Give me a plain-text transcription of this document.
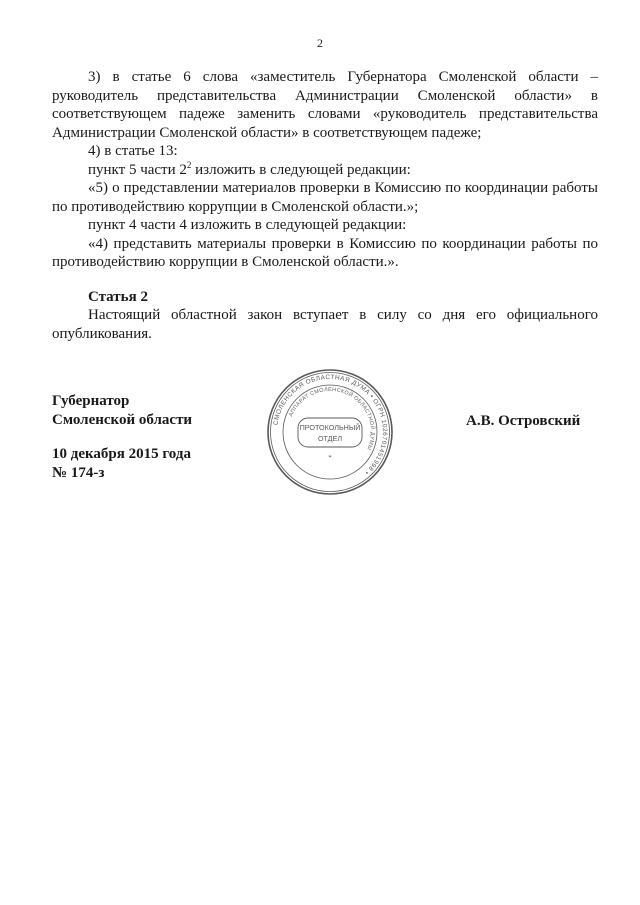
2

3) в статье 6 слова «заместитель Губернатора Смоленской области – руководитель представительства Администрации Смоленской области» в соответствующем падеже заменить словами «руководитель представительства Администрации Смоленской области» в соответствующем падеже;

4) в статье 13:

пункт 5 части $2^2$ изложить в следующей редакции:

«5) о представлении материалов проверки в Комиссию по координации работы по противодействию коррупции в Смоленской области.»;

пункт 4 части 4 изложить в следующей редакции:

«4) представить материалы проверки в Комиссию по координации работы по противодействию коррупции в Смоленской области.».

Статья 2

Настоящий областной закон вступает в силу со дня его официального опубликования.

Губернатор
Смоленской области
10 декабря 2015 года
№ 174-з
А.В. Островский
СМОЛЕНСКАЯ ОБЛАСТНАЯ ДУМА • ОГРН 1026701451998 •
АППАРАТ СМОЛЕНСКОЙ ОБЛАСТНОЙ ДУМЫ
ПРОТОКОЛЬНЫЙ
ОТДЕЛ
*
